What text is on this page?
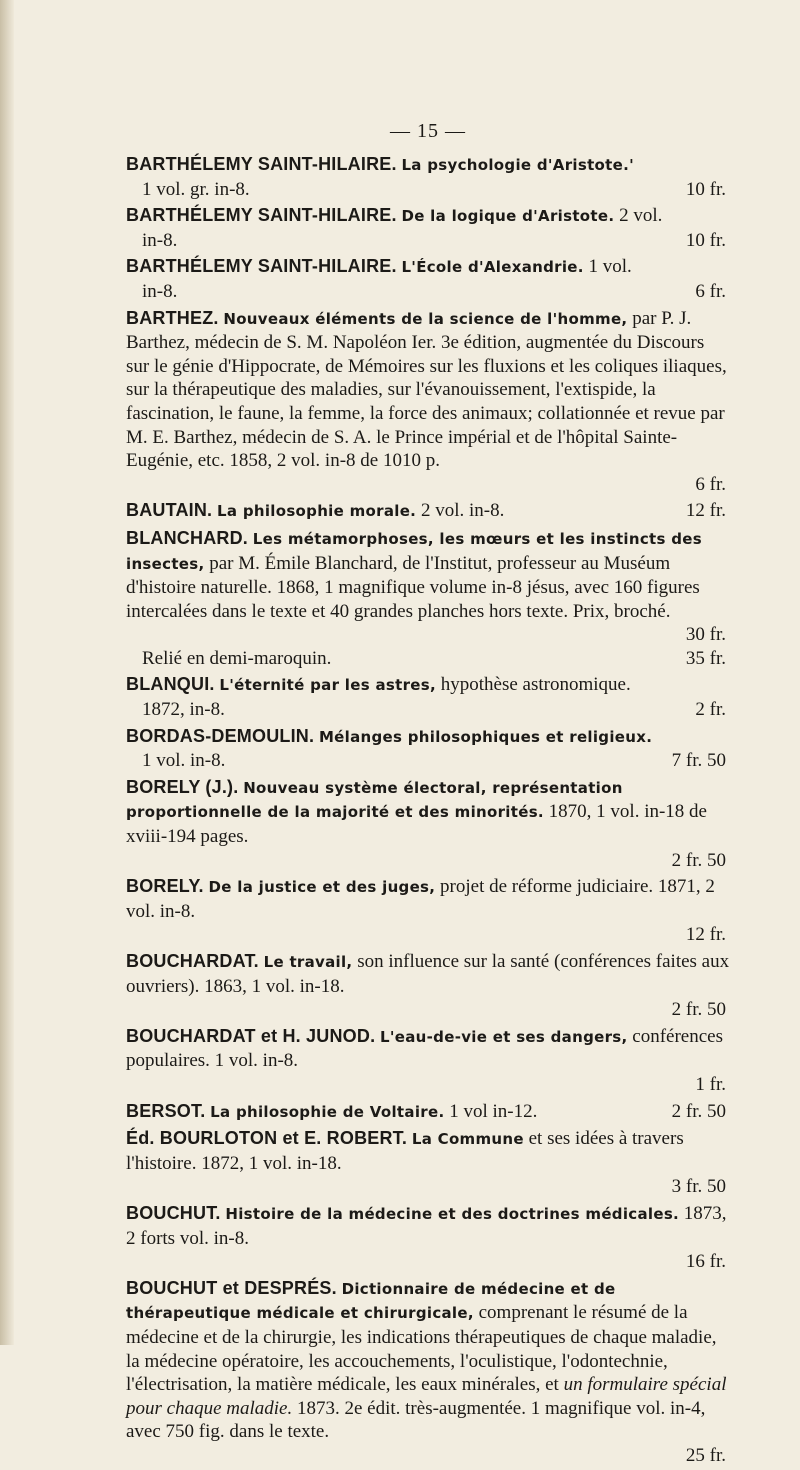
— 15 —

BARTHÉLEMY SAINT-HILAIRE. La psychologie d'Aristote.'

1 vol. gr. in-8.	10 fr.

BARTHÉLEMY SAINT-HILAIRE. De la logique d'Aristote. 2 vol.

in-8.	10 fr.

BARTHÉLEMY SAINT-HILAIRE. L'École d'Alexandrie. 1 vol.

in-8.	6 fr.

BARTHEZ. Nouveaux éléments de la science de l'homme, par P. J. Barthez, médecin de S. M. Napoléon Ier. 3e édition, augmentée du Discours sur le génie d'Hippocrate, de Mémoires sur les fluxions et les coliques iliaques, sur la thérapeutique des maladies, sur l'évanouissement, l'extispide, la fascination, le faune, la femme, la force des animaux; collationnée et revue par M. E. Barthez, médecin de S. A. le Prince impérial et de l'hôpital Sainte-Eugénie, etc. 1858, 2 vol. in-8 de 1010 p.

6 fr.

BAUTAIN. La philosophie morale. 2 vol. in-8.	12 fr.

BLANCHARD. Les métamorphoses, les mœurs et les instincts des insectes, par M. Émile Blanchard, de l'Institut, professeur au Muséum d'histoire naturelle. 1868, 1 magnifique volume in-8 jésus, avec 160 figures intercalées dans le texte et 40 grandes planches hors texte. Prix, broché.

30 fr.
Relié en demi-maroquin.	35 fr.

BLANQUI. L'éternité par les astres, hypothèse astronomique.

1872, in-8.	2 fr.

BORDAS-DEMOULIN. Mélanges philosophiques et religieux.

1 vol. in-8.	7 fr. 50

BORELY (J.). Nouveau système électoral, représentation proportionnelle de la majorité et des minorités. 1870, 1 vol. in-18 de xviii-194 pages.

2 fr. 50

BORELY. De la justice et des juges, projet de réforme judiciaire. 1871, 2 vol. in-8.

12 fr.

BOUCHARDAT. Le travail, son influence sur la santé (conférences faites aux ouvriers). 1863, 1 vol. in-18.

2 fr. 50

BOUCHARDAT et H. JUNOD. L'eau-de-vie et ses dangers, conférences populaires. 1 vol. in-8.

1 fr.

BERSOT. La philosophie de Voltaire. 1 vol in-12.	2 fr. 50

Éd. BOURLOTON et E. ROBERT. La Commune et ses idées à travers l'histoire. 1872, 1 vol. in-18.

3 fr. 50

BOUCHUT. Histoire de la médecine et des doctrines médicales. 1873, 2 forts vol. in-8.

16 fr.

BOUCHUT et DESPRÉS. Dictionnaire de médecine et de thérapeutique médicale et chirurgicale, comprenant le résumé de la médecine et de la chirurgie, les indications thérapeutiques de chaque maladie, la médecine opératoire, les accouchements, l'oculistique, l'odontechnie, l'électrisation, la matière médicale, les eaux minérales, et un formulaire spécial pour chaque maladie. 1873. 2e édit. très-augmentée. 1 magnifique vol. in-4, avec 750 fig. dans le texte.

25 fr.
